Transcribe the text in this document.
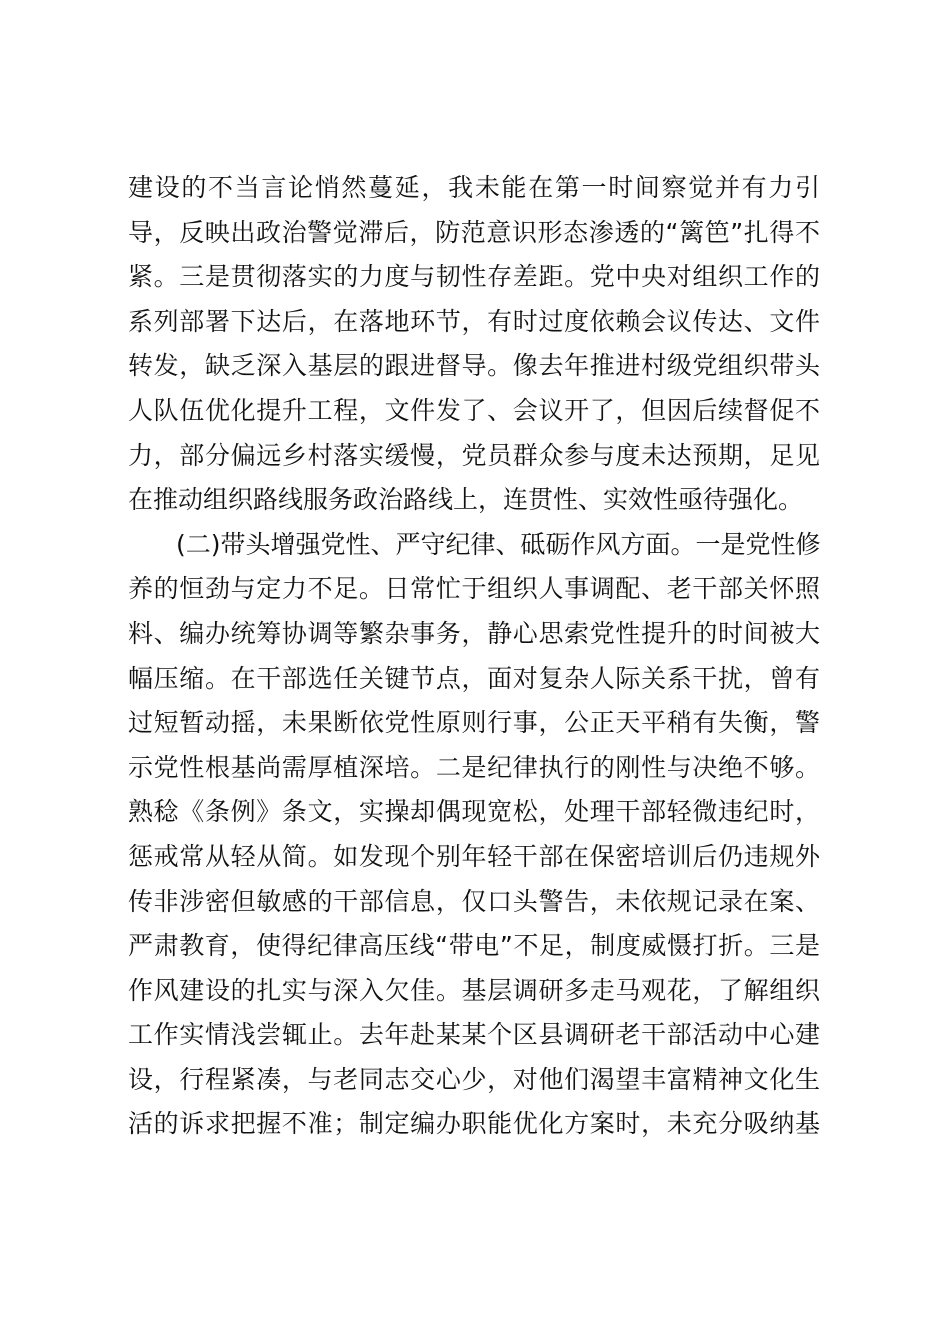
建设的不当言论悄然蔓延，我未能在第一时间察觉并有力引
导，反映出政治警觉滞后，防范意识形态渗透的“篱笆”扎得不
紧。三是贯彻落实的力度与韧性存差距。党中央对组织工作的
系列部署下达后，在落地环节，有时过度依赖会议传达、文件
转发，缺乏深入基层的跟进督导。像去年推进村级党组织带头
人队伍优化提升工程，文件发了、会议开了，但因后续督促不
力，部分偏远乡村落实缓慢，党员群众参与度未达预期，足见
在推动组织路线服务政治路线上，连贯性、实效性亟待强化。
(二)带头增强党性、严守纪律、砥砺作风方面。一是党性修
养的恒劲与定力不足。日常忙于组织人事调配、老干部关怀照
料、编办统筹协调等繁杂事务，静心思索党性提升的时间被大
幅压缩。在干部选任关键节点，面对复杂人际关系干扰，曾有
过短暂动摇，未果断依党性原则行事，公正天平稍有失衡，警
示党性根基尚需厚植深培。二是纪律执行的刚性与决绝不够。
熟稔《条例》条文，实操却偶现宽松，处理干部轻微违纪时，
惩戒常从轻从简。如发现个别年轻干部在保密培训后仍违规外
传非涉密但敏感的干部信息，仅口头警告，未依规记录在案、
严肃教育，使得纪律高压线“带电”不足，制度威慑打折。三是
作风建设的扎实与深入欠佳。基层调研多走马观花，了解组织
工作实情浅尝辄止。去年赴某某个区县调研老干部活动中心建
设，行程紧凑，与老同志交心少，对他们渴望丰富精神文化生
活的诉求把握不准；制定编办职能优化方案时，未充分吸纳基
